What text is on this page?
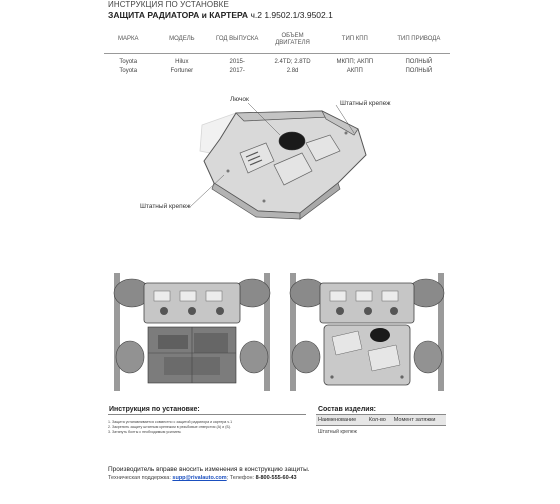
ИНСТРУКЦИЯ ПО УСТАНОВКЕ
ЗАЩИТА РАДИАТОРА и КАРТЕРА ч.2 1.9502.1/3.9502.1
МАРКА	МОДЕЛЬ	ГОД ВЫПУСКА	ОБЪЕМ ДВИГАТЕЛЯ	ТИП КПП	ТИП ПРИВОДА
Toyota	Hilux	2015-	2.4TD; 2.8TD	МКПП; АКПП	ПОЛНЫЙ
Toyota	Fortuner	2017-	2.8d	АКПП	ПОЛНЫЙ
Лючок
Штатный крепеж
Штатный крепеж
Инструкция по установке:

1. Защита устанавливается совместно с защитой радиатора и картера ч.1

2. Закрепить защиту штатным крепежом в резьбовые отверстия (А) и (Б).

3. Затянуть болты с необходимым усилием.

Состав изделия:
Наименование	Кол-во	Момент затяжки
Штатный крепеж		
Производитель вправе вносить изменения в конструкцию защиты.
Техническая поддержка: supp@rivalauto.com; Телефон: 8-800-555-60-43
